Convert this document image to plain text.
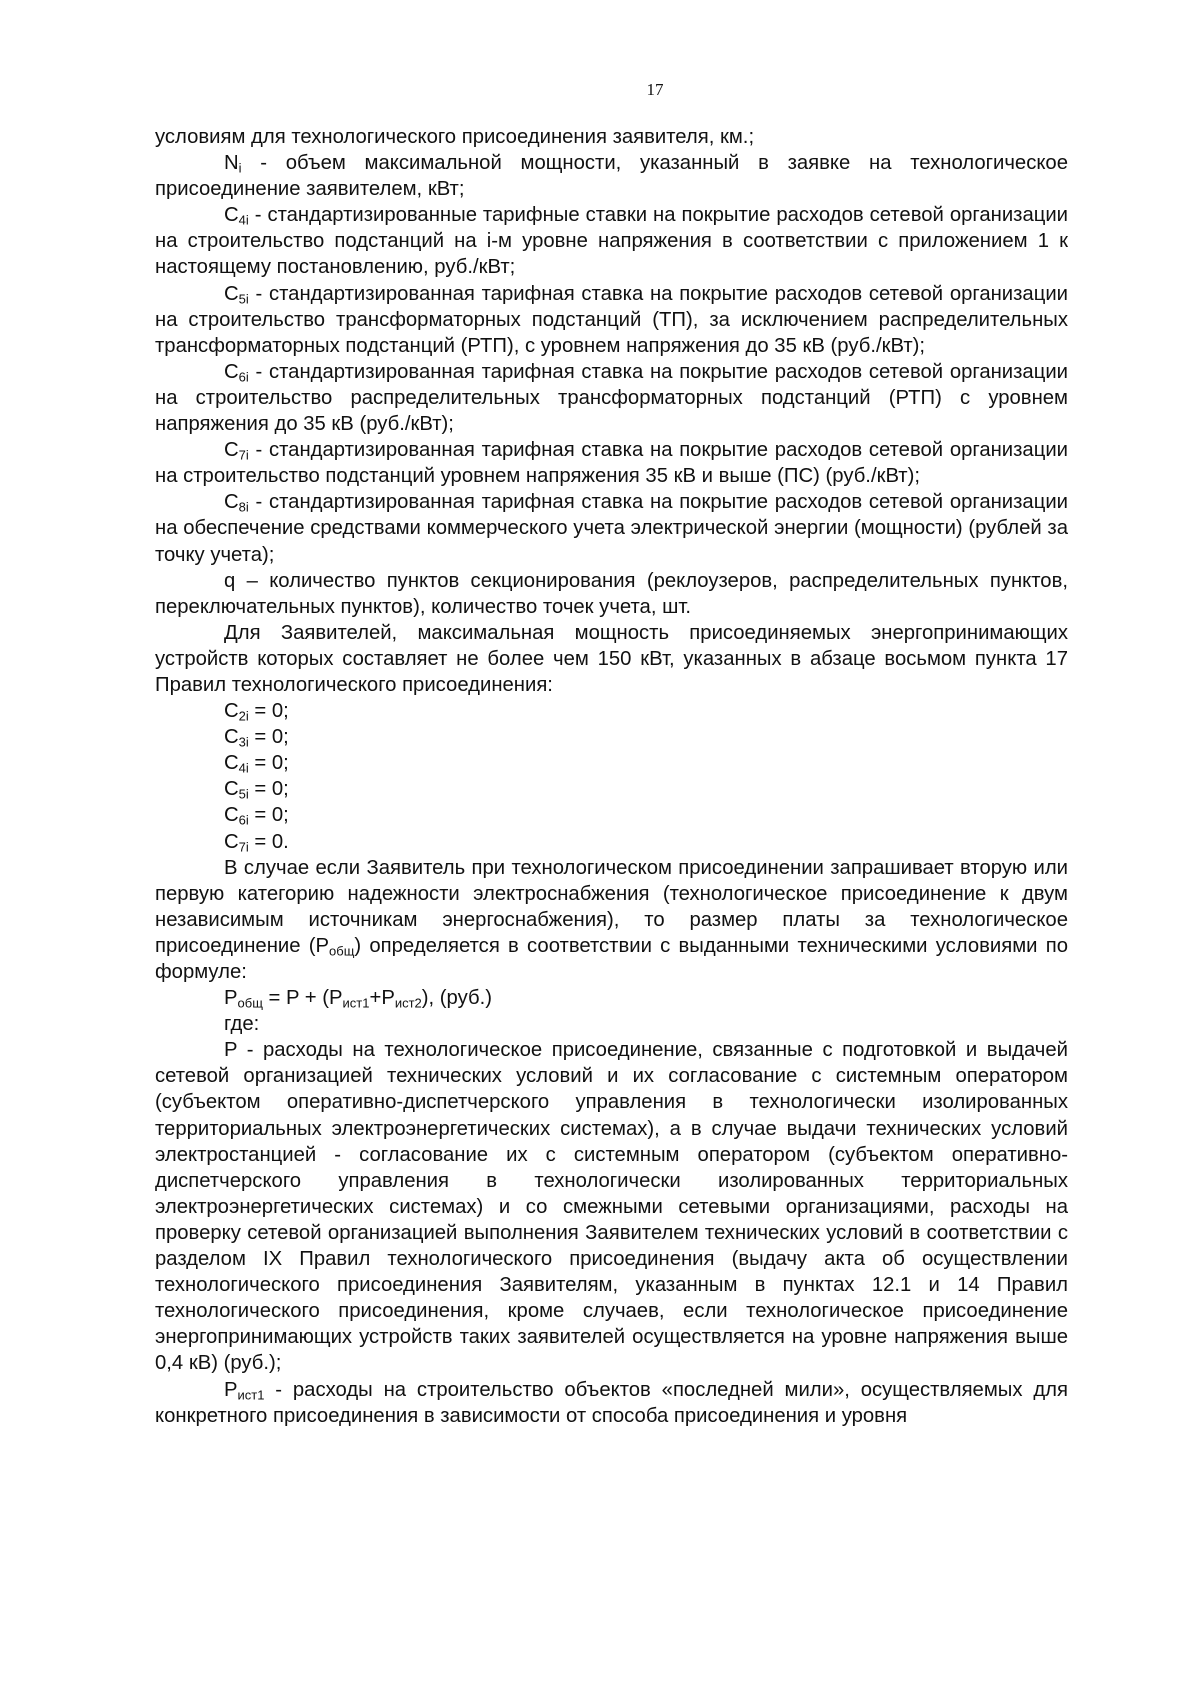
17

условиям для технологического присоединения заявителя, км.;

$N_i$ - объем максимальной мощности, указанный в заявке на технологическое присоединение заявителем, кВт;

$C_{4i}$ - стандартизированные тарифные ставки на покрытие расходов сетевой организации на строительство подстанций на i-м уровне напряжения в соответствии с приложением 1 к настоящему постановлению, руб./кВт;

$C_{5i}$ - стандартизированная тарифная ставка на покрытие расходов сетевой организации на строительство трансформаторных подстанций (ТП), за исключением распределительных трансформаторных подстанций (РТП), с уровнем напряжения до 35 кВ (руб./кВт);

$C_{6i}$ - стандартизированная тарифная ставка на покрытие расходов сетевой организации на строительство распределительных трансформаторных подстанций (РТП) с уровнем напряжения до 35 кВ (руб./кВт);

$C_{7i}$ - стандартизированная тарифная ставка на покрытие расходов сетевой организации на строительство подстанций уровнем напряжения 35 кВ и выше (ПС) (руб./кВт);

$C_{8i}$ - стандартизированная тарифная ставка на покрытие расходов сетевой организации на обеспечение средствами коммерческого учета электрической энергии (мощности) (рублей за точку учета);

q – количество пунктов секционирования (реклоузеров, распределительных пунктов, переключательных пунктов), количество точек учета, шт.

Для Заявителей, максимальная мощность присоединяемых энергопринимающих устройств которых составляет не более чем 150 кВт, указанных в абзаце восьмом пункта 17 Правил технологического присоединения:

$C_{2i} = 0$;

$C_{3i} = 0$;

$C_{4i} = 0$;

$C_{5i} = 0$;

$C_{6i} = 0$;

$C_{7i} = 0$.

В случае если Заявитель при технологическом присоединении запрашивает вторую или первую категорию надежности электроснабжения (технологическое присоединение к двум независимым источникам энергоснабжения), то размер платы за технологическое присоединение $(P_{общ})$ определяется в соответствии с выданными техническими условиями по формуле:

$P_{общ} = P + (P_{ист1}+P_{ист2})$, (руб.)

где:

P - расходы на технологическое присоединение, связанные с подготовкой и выдачей сетевой организацией технических условий и их согласование с системным оператором (субъектом оперативно-диспетчерского управления в технологически изолированных территориальных электроэнергетических системах), а в случае выдачи технических условий электростанцией - согласование их с системным оператором (субъектом оперативно-диспетчерского управления в технологически изолированных территориальных электроэнергетических системах) и со смежными сетевыми организациями, расходы на проверку сетевой организацией выполнения Заявителем технических условий в соответствии с разделом IX Правил технологического присоединения (выдачу акта об осуществлении технологического присоединения Заявителям, указанным в пунктах 12.1 и 14 Правил технологического присоединения, кроме случаев, если технологическое присоединение энергопринимающих устройств таких заявителей осуществляется на уровне напряжения выше 0,4 кВ) (руб.);

$P_{ист1}$ - расходы на строительство объектов «последней мили», осуществляемых для конкретного присоединения в зависимости от способа присоединения и уровня
